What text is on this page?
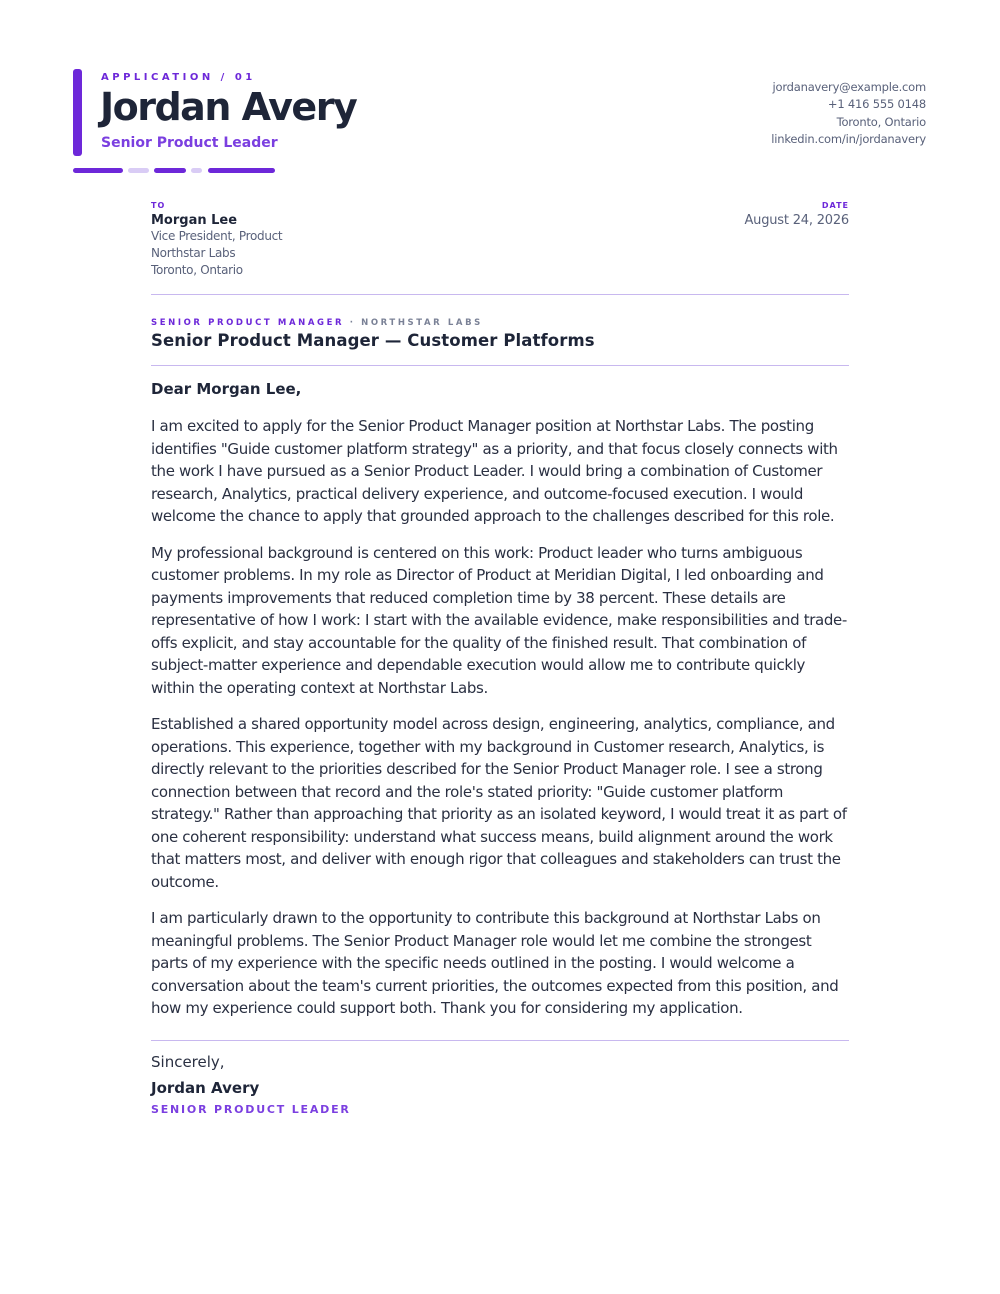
APPLICATION / 01
Jordan Avery
Senior Product Leader
jordanavery@example.com
+1 416 555 0148
Toronto, Ontario
linkedin.com/in/jordanavery
TO
Morgan Lee
Vice President, Product
Northstar Labs
Toronto, Ontario
DATE
August 24, 2026
SENIOR PRODUCT MANAGER · NORTHSTAR LABS
Senior Product Manager — Customer Platforms
Dear Morgan Lee,

I am excited to apply for the Senior Product Manager position at Northstar Labs. The posting identifies "Guide customer platform strategy" as a priority, and that focus closely connects with the work I have pursued as a Senior Product Leader. I would bring a combination of Customer research, Analytics, practical delivery experience, and outcome-focused execution. I would welcome the chance to apply that grounded approach to the challenges described for this role.

My professional background is centered on this work: Product leader who turns ambiguous customer problems. In my role as Director of Product at Meridian Digital, I led onboarding and payments improvements that reduced completion time by 38 percent. These details are representative of how I work: I start with the available evidence, make responsibilities and trade-offs explicit, and stay accountable for the quality of the finished result. That combination of subject-matter experience and dependable execution would allow me to contribute quickly within the operating context at Northstar Labs.

Established a shared opportunity model across design, engineering, analytics, compliance, and operations. This experience, together with my background in Customer research, Analytics, is directly relevant to the priorities described for the Senior Product Manager role. I see a strong connection between that record and the role's stated priority: "Guide customer platform strategy." Rather than approaching that priority as an isolated keyword, I would treat it as part of one coherent responsibility: understand what success means, build alignment around the work that matters most, and deliver with enough rigor that colleagues and stakeholders can trust the outcome.

I am particularly drawn to the opportunity to contribute this background at Northstar Labs on meaningful problems. The Senior Product Manager role would let me combine the strongest parts of my experience with the specific needs outlined in the posting. I would welcome a conversation about the team's current priorities, the outcomes expected from this position, and how my experience could support both. Thank you for considering my application.

Sincerely,
Jordan Avery
SENIOR PRODUCT LEADER
